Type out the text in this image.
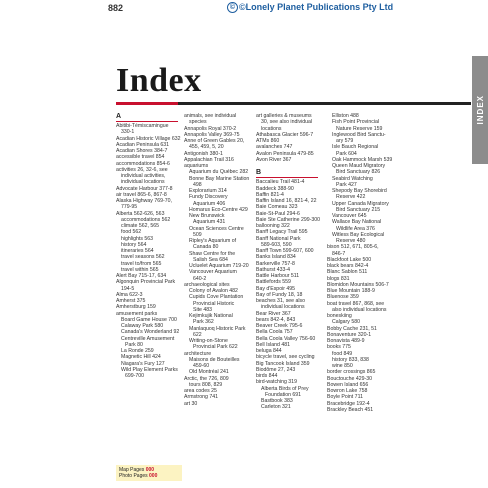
882	© ©Lonely Planet Publications Pty Ltd
INDEX
Index
A
Abitibi-Témiscamingue
330-1
Acadian Historic Village 632
Acadian Peninsula 631
Acadian Shores 384-7
accessible travel 854
accommodations 854-6
activities 26, 32-6, see
individual activities,
individual locations
Advocate Harbour 377-8
air travel 865-6, 867-8
Alaska Highway 769-70,
779-95
Alberta 562-626, 563
accommodations 562
climate 562, 565
food 562
highlights 563
history 564
itineraries 564
travel seasons 562
travel to/from 565
travel within 565
Alert Bay 715-17, 634
Algonquin Provincial Park
194-5
Alma 622-3
Amherst 375
Amherstburg 159
amusement parks
Board Game House 700
Calaway Park 580
Canada's Wonderland 92
Centreville Amusement
Park 80
La Ronde 259
Magnetic Hill 424
Niagara's Fury 127
Wild Play Element Parks
699-700
animals, see individual
species
Annapolis Royal 370-2
Annapolis Valley 369-75
Anne of Green Gables 20,
455, 459, 5, 20
Antigonish 380-1
Appalachian Trail 316
aquariums
Aquarium du Québec 282
Bonne Bay Marine Station
498
Explorarium 314
Fundy Discovery
Aquarium 406
Homarus Eco-Centre 429
New Brunswick
Aquarium 431
Ocean Sciences Centre
509
Ripley's Aquarium of
Canada 80
Shaw Centre for the
Salish Sea 684
Ucluelet Aquarium 719-20
Vancouver Aquarium
640-2
archaeological sites
Colony of Avalon 482
Cupids Cove Plantation
Provincial Historic
Site 483
Kejimkujik National
Park 362
Manlaquoq Historic Park
622
Writing-on-Stone
Provincial Park 622
architecture
Maisons de Bouteilles
459-60
Old Montréal 241
Arctic, the 726, 809
tours 808, 829
area codes 25
Armstrong 741
art 30
art galleries & museums
30, see also individual
locations
Athabasca Glacier 596-7
ATMs 860
avalanches 747
Avalon Peninsula 479-85
Avon River 367

B
Baccalieu Trail 481-4
Baddeck 388-90
Baffin 821-4
Baffin Island 16, 821-4, 22
Baie Comeau 323
Baie-St-Paul 294-6
Baie Ste Catherine 299-300
ballooning 322
Banff Legacy Trail 595
Banff National Park
589-603, 590
Banff Town 599-607, 600
Banks Island 834
Barkerville 757-8
Bathurst 433-4
Battle Harbour 511
Battlefords 559
Bay d'Espoir 495
Bay of Fundy 18, 18
beaches 31, see also
individual locations
Bear River 367
bears 842-4, 843
Beaver Creek 795-6
Bella Coola 757
Bella Coola Valley 756-60
Bell Island 481
beluga 844
bicycle travel, see cycling
Big Tancook Island 359
Biodôme 27, 243
birds 844
bird-watching 319
Alberta Birds of Prey
Foundation 691
Bastbook 383
Carleton 321
Elliston 488
Fish Point Provincial
Nature Reserve 159
Inglewood Bird Sanctu-
ary 579
Isle Bauch Regional
Park 604
Oak Hammock Marsh 539
Queen Maud Migratory
Bird Sanctuary 826
Seabird Watching
Park 427
Shepody Bay Shorebird
Reserve 422
Upper Canada Migratory
Bird Sanctuary 215
Vancouver 645
Wallace Bay National
Wildlife Area 376
Witless Bay Ecological
Reserve 480
bison 512, 671, 805-6,
846-7
Blackfoot Lake 500
black bears 842-4
Blanc Sablon 511
blogs 831
Blomidon Mountains 506-7
Blue Mountain 188-9
Bluenose 359
boat travel 867, 868, see
also individual locations
boneskiing
Calgary 580
Bobby Cache 231, 51
Bonaventure 320-1
Bonavista 489-9
books 775
food 849
history 833, 838
wine 850
border crossings 865
Bouctouche 429-30
Bowen Island 656
Bowron Lake 758
Boyle Point 711
Bracebridge 192-4
Brackley Beach 451
Map Pages 000
Photo Pages 000
